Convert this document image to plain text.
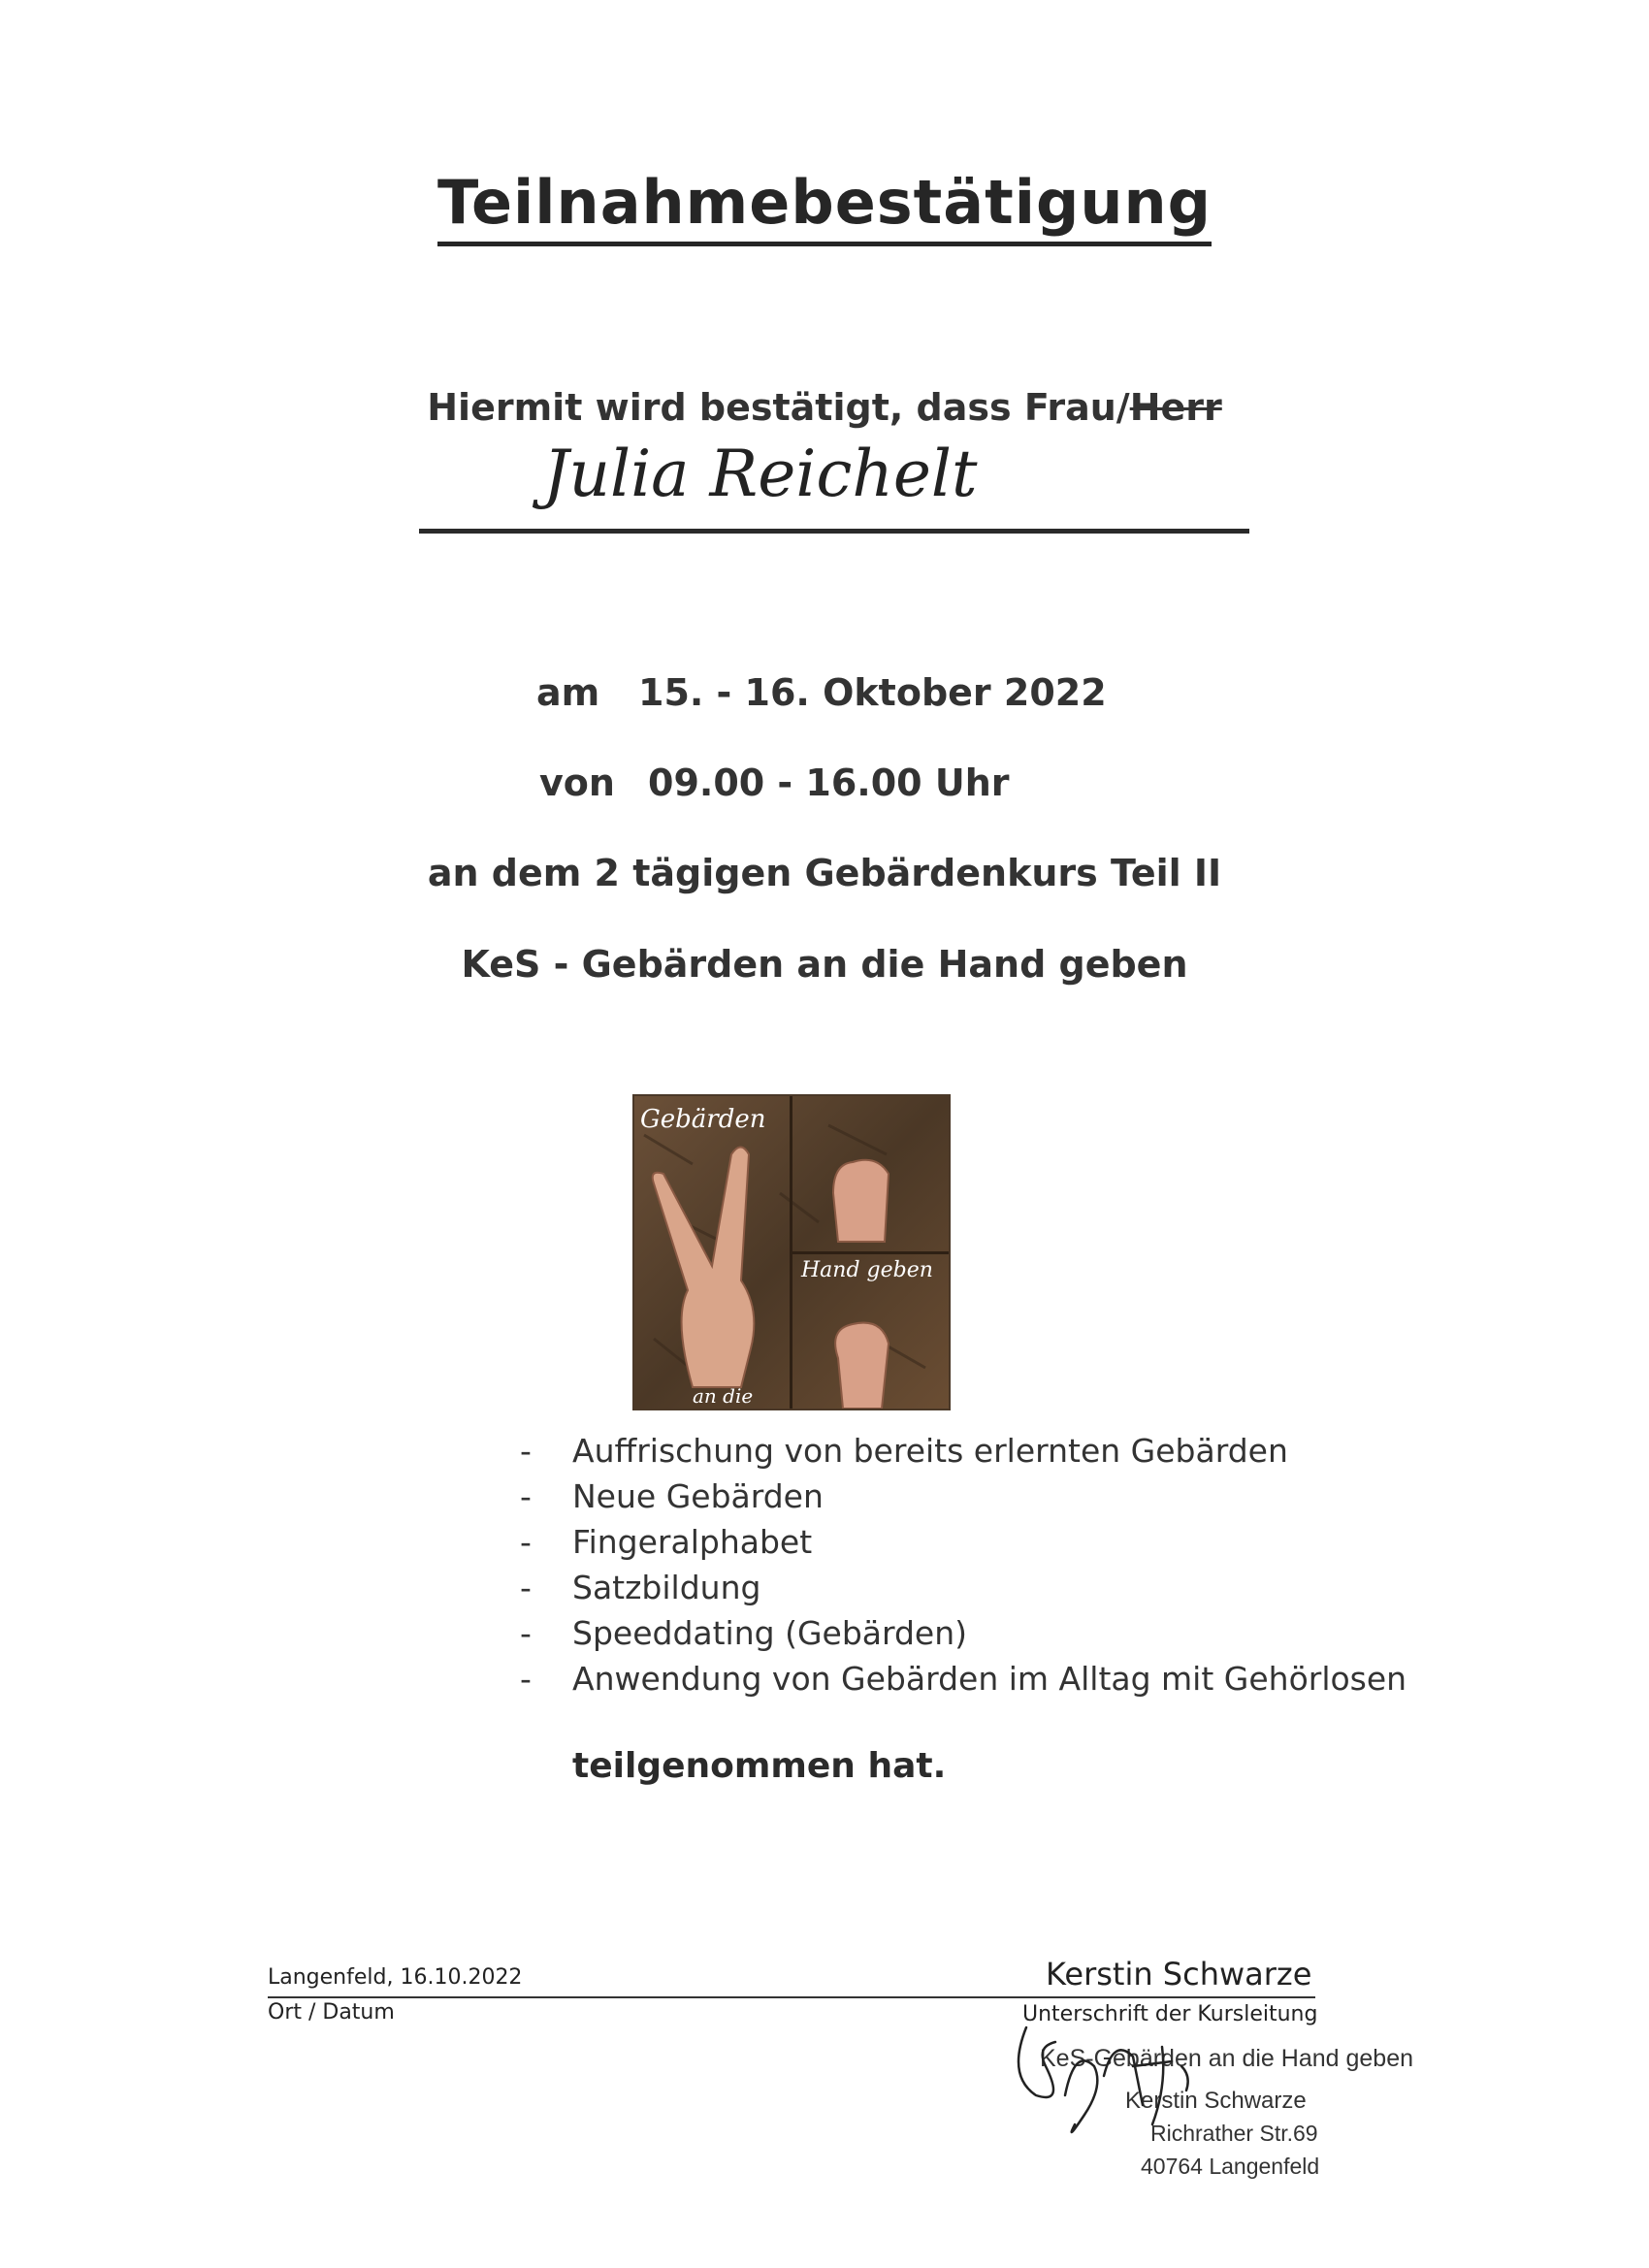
Teilnahmebestätigung
Hiermit wird bestätigt, dass Frau/Herr
Julia Reichelt
am 15. - 16. Oktober 2022
von 09.00 - 16.00 Uhr
an dem 2 tägigen Gebärdenkurs Teil II
KeS - Gebärden an die Hand geben
Gebärden
Hand geben
an die
- Auffrischung von bereits erlernten Gebärden
- Neue Gebärden
- Fingeralphabet
- Satzbildung
- Speeddating (Gebärden)
- Anwendung von Gebärden im Alltag mit Gehörlosen
teilgenommen hat.
Langenfeld, 16.10.2022
Ort / Datum
Kerstin Schwarze
Unterschrift der Kursleitung
KeS-Gebärden an die Hand geben
Kerstin Schwarze
Richrather Str.69
40764 Langenfeld
